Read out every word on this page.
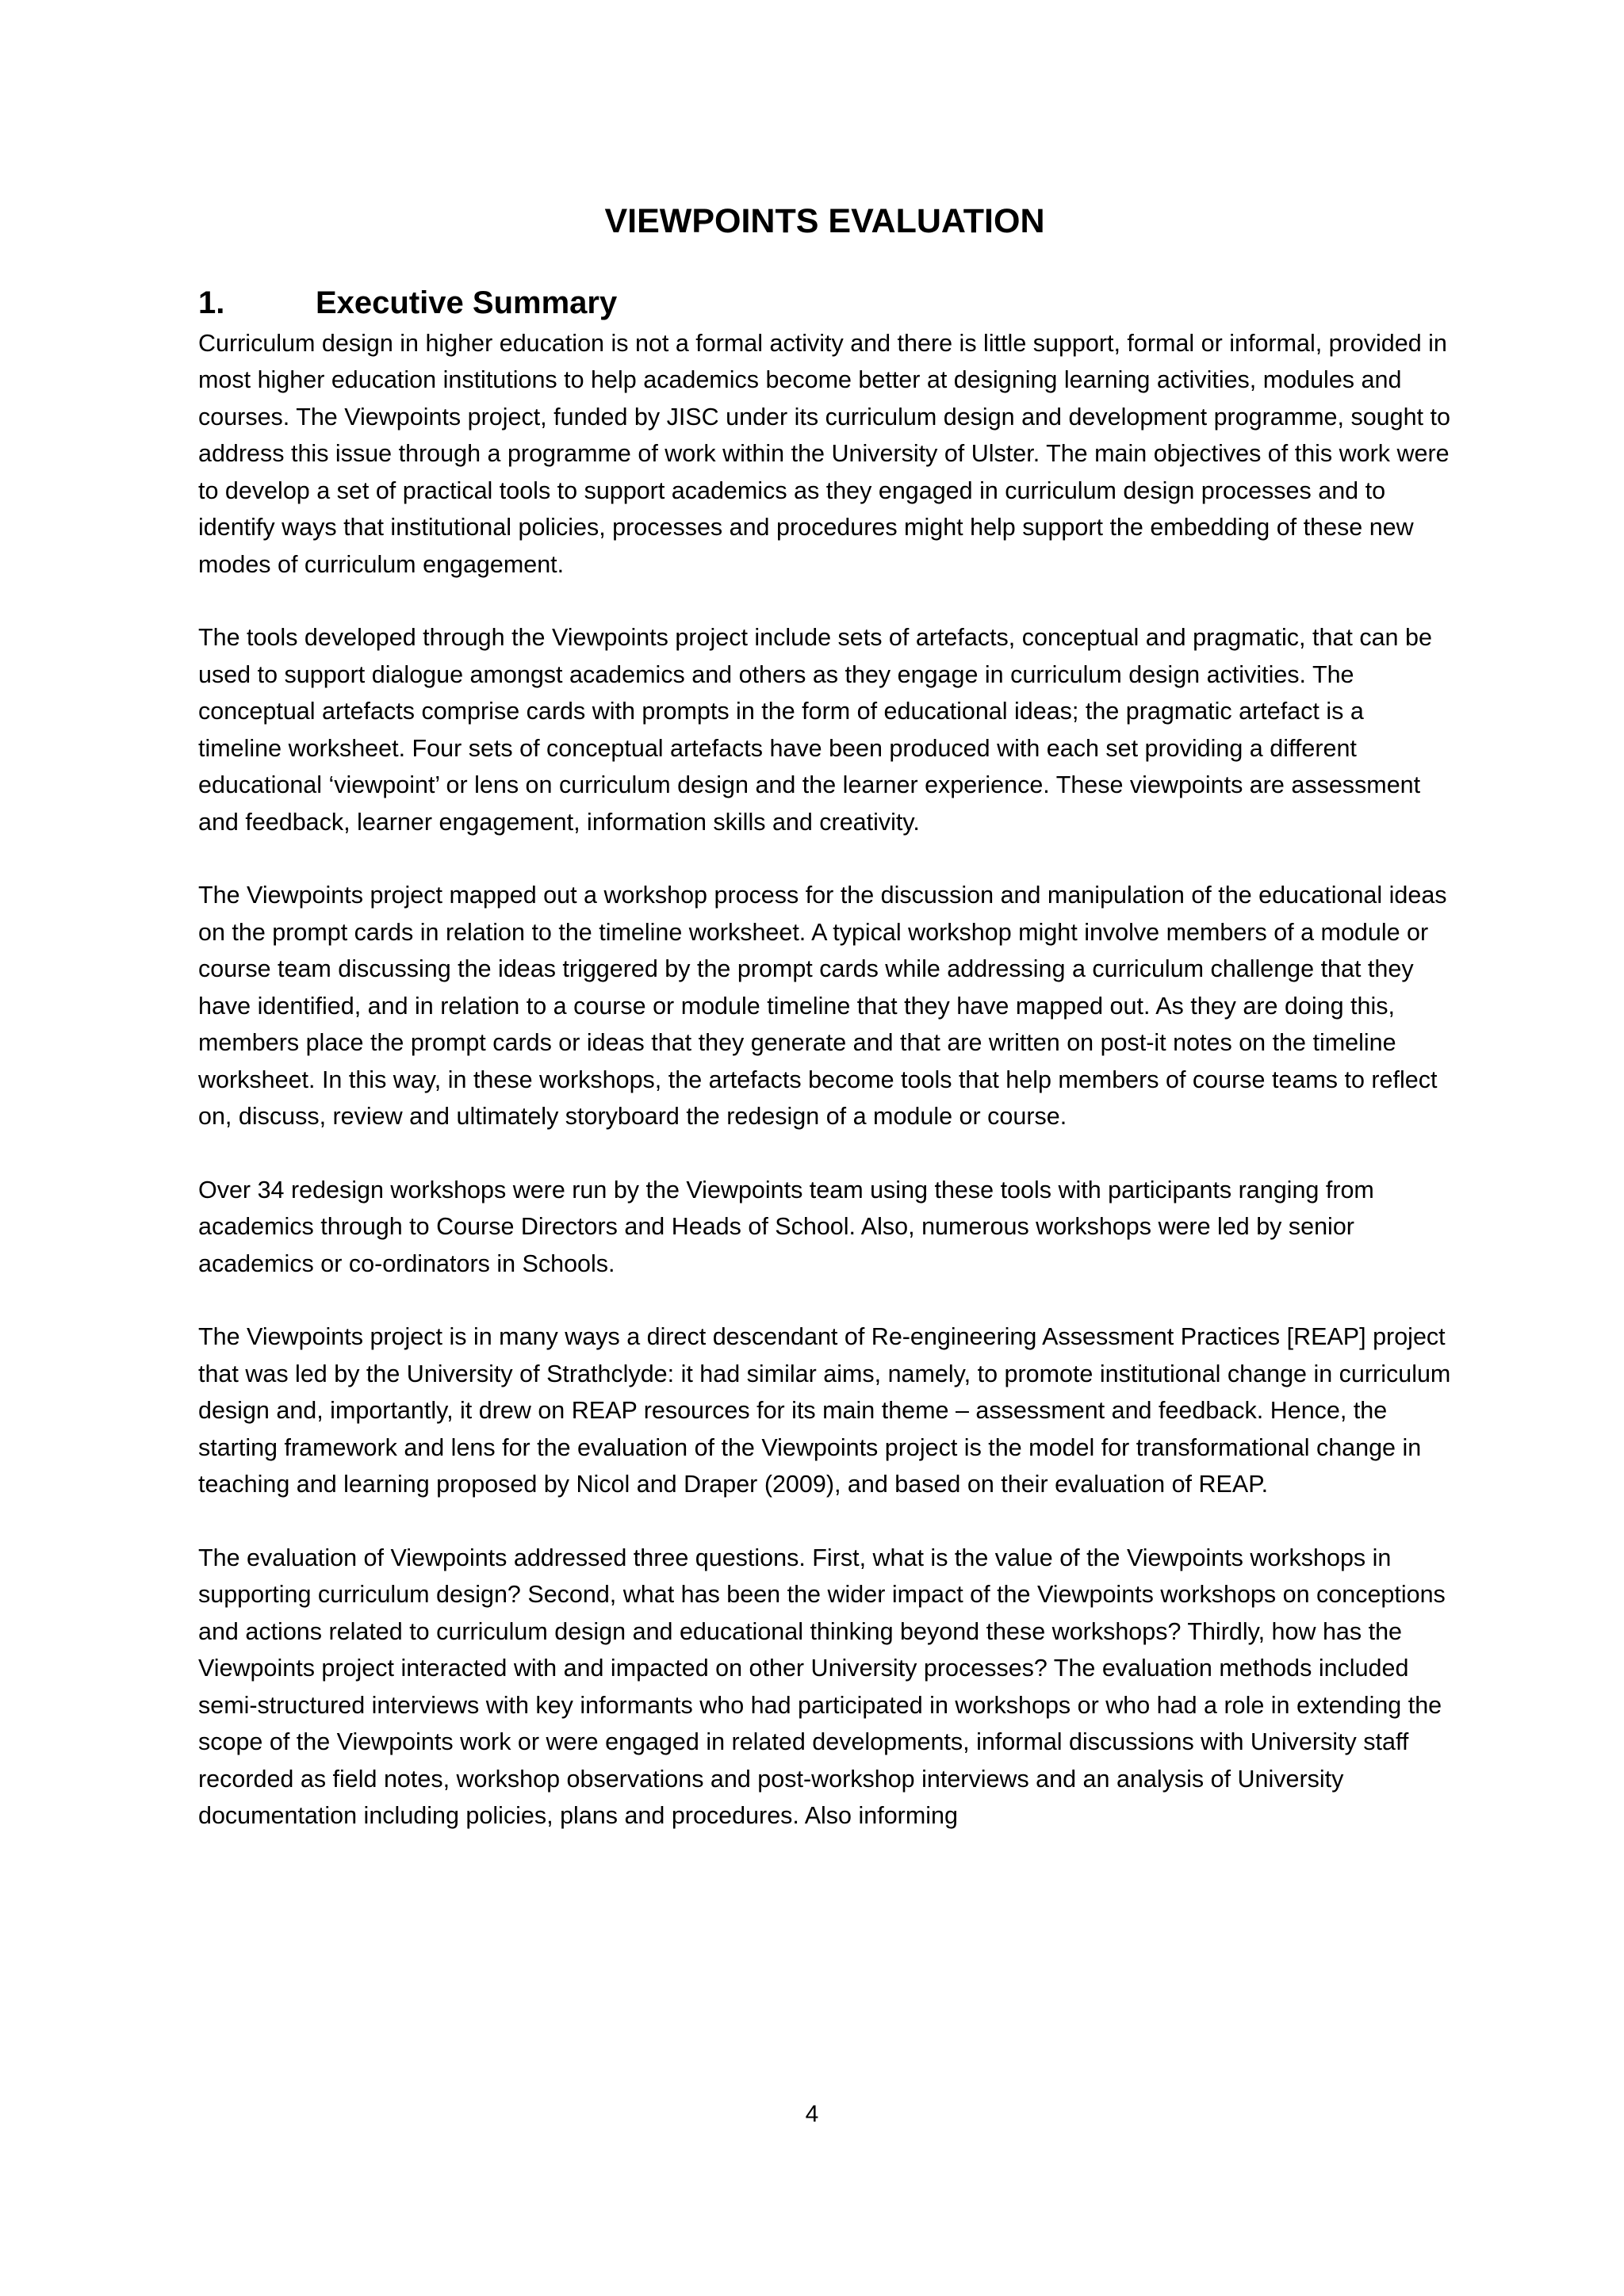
VIEWPOINTS EVALUATION
1.	Executive Summary

Curriculum design in higher education is not a formal activity and there is little support, formal or informal, provided in most higher education institutions to help academics become better at designing learning activities, modules and courses. The Viewpoints project, funded by JISC under its curriculum design and development programme, sought to address this issue through a programme of work within the University of Ulster. The main objectives of this work were to develop a set of practical tools to support academics as they engaged in curriculum design processes and to identify ways that institutional policies, processes and procedures might help support the embedding of these new modes of curriculum engagement.

The tools developed through the Viewpoints project include sets of artefacts, conceptual and pragmatic, that can be used to support dialogue amongst academics and others as they engage in curriculum design activities. The conceptual artefacts comprise cards with prompts in the form of educational ideas; the pragmatic artefact is a timeline worksheet. Four sets of conceptual artefacts have been produced with each set providing a different educational ‘viewpoint’ or lens on curriculum design and the learner experience. These viewpoints are assessment and feedback, learner engagement, information skills and creativity.

The Viewpoints project mapped out a workshop process for the discussion and manipulation of the educational ideas on the prompt cards in relation to the timeline worksheet. A typical workshop might involve members of a module or course team discussing the ideas triggered by the prompt cards while addressing a curriculum challenge that they have identified, and in relation to a course or module timeline that they have mapped out. As they are doing this, members place the prompt cards or ideas that they generate and that are written on post-it notes on the timeline worksheet. In this way, in these workshops, the artefacts become tools that help members of course teams to reflect on, discuss, review and ultimately storyboard the redesign of a module or course.

Over 34 redesign workshops were run by the Viewpoints team using these tools with participants ranging from academics through to Course Directors and Heads of School. Also, numerous workshops were led by senior academics or co-ordinators in Schools.

The Viewpoints project is in many ways a direct descendant of Re-engineering Assessment Practices [REAP] project that was led by the University of Strathclyde: it had similar aims, namely, to promote institutional change in curriculum design and, importantly, it drew on REAP resources for its main theme – assessment and feedback. Hence, the starting framework and lens for the evaluation of the Viewpoints project is the model for transformational change in teaching and learning proposed by Nicol and Draper (2009), and based on their evaluation of REAP.

The evaluation of Viewpoints addressed three questions. First, what is the value of the Viewpoints workshops in supporting curriculum design? Second, what has been the wider impact of the Viewpoints workshops on conceptions and actions related to curriculum design and educational thinking beyond these workshops? Thirdly, how has the Viewpoints project interacted with and impacted on other University processes? The evaluation methods included semi-structured interviews with key informants who had participated in workshops or who had a role in extending the scope of the Viewpoints work or were engaged in related developments, informal discussions with University staff recorded as field notes, workshop observations and post-workshop interviews and an analysis of University documentation including policies, plans and procedures. Also informing

4
